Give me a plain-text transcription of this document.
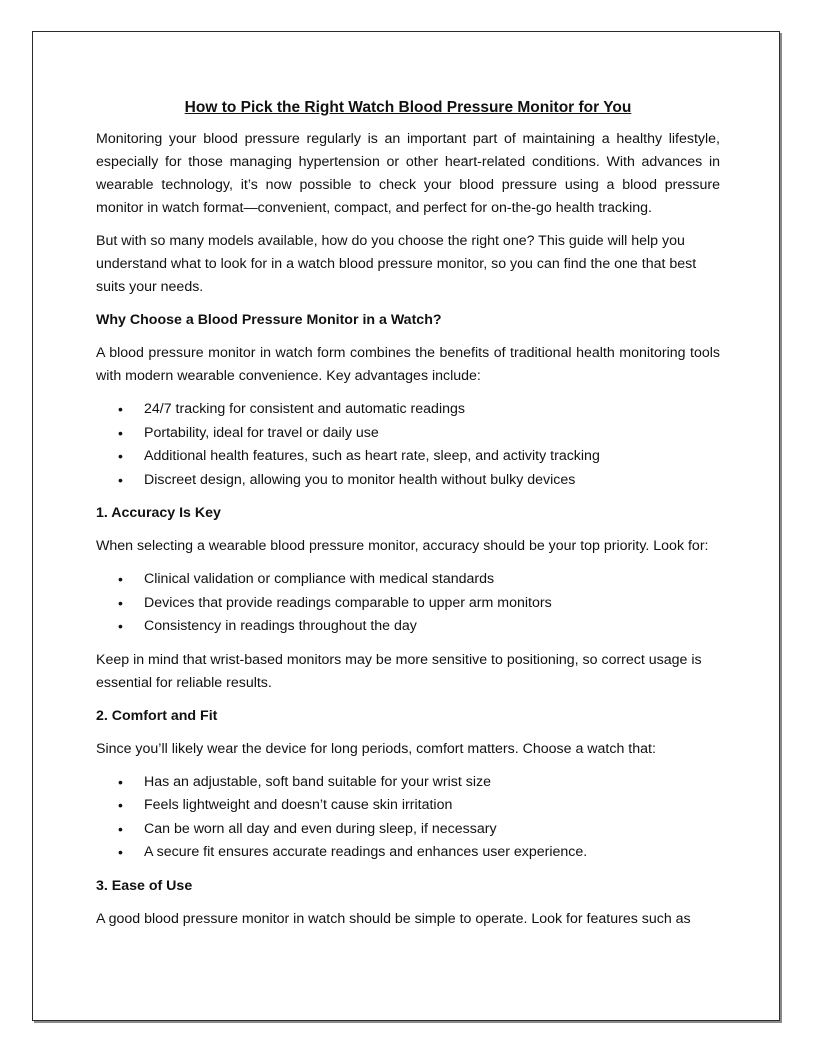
How to Pick the Right Watch Blood Pressure Monitor for You

Monitoring your blood pressure regularly is an important part of maintaining a healthy lifestyle, especially for those managing hypertension or other heart-related conditions. With advances in wearable technology, it’s now possible to check your blood pressure using a blood pressure monitor in watch format—convenient, compact, and perfect for on-the-go health tracking.

But with so many models available, how do you choose the right one? This guide will help you understand what to look for in a watch blood pressure monitor, so you can find the one that best suits your needs.

Why Choose a Blood Pressure Monitor in a Watch?

A blood pressure monitor in watch form combines the benefits of traditional health monitoring tools with modern wearable convenience. Key advantages include:

• 24/7 tracking for consistent and automatic readings
• Portability, ideal for travel or daily use
• Additional health features, such as heart rate, sleep, and activity tracking
• Discreet design, allowing you to monitor health without bulky devices
1. Accuracy Is Key

When selecting a wearable blood pressure monitor, accuracy should be your top priority. Look for:

• Clinical validation or compliance with medical standards
• Devices that provide readings comparable to upper arm monitors
• Consistency in readings throughout the day

Keep in mind that wrist-based monitors may be more sensitive to positioning, so correct usage is essential for reliable results.

2. Comfort and Fit

Since you’ll likely wear the device for long periods, comfort matters. Choose a watch that:

• Has an adjustable, soft band suitable for your wrist size
• Feels lightweight and doesn’t cause skin irritation
• Can be worn all day and even during sleep, if necessary
• A secure fit ensures accurate readings and enhances user experience.
3. Ease of Use

A good blood pressure monitor in watch should be simple to operate. Look for features such as
